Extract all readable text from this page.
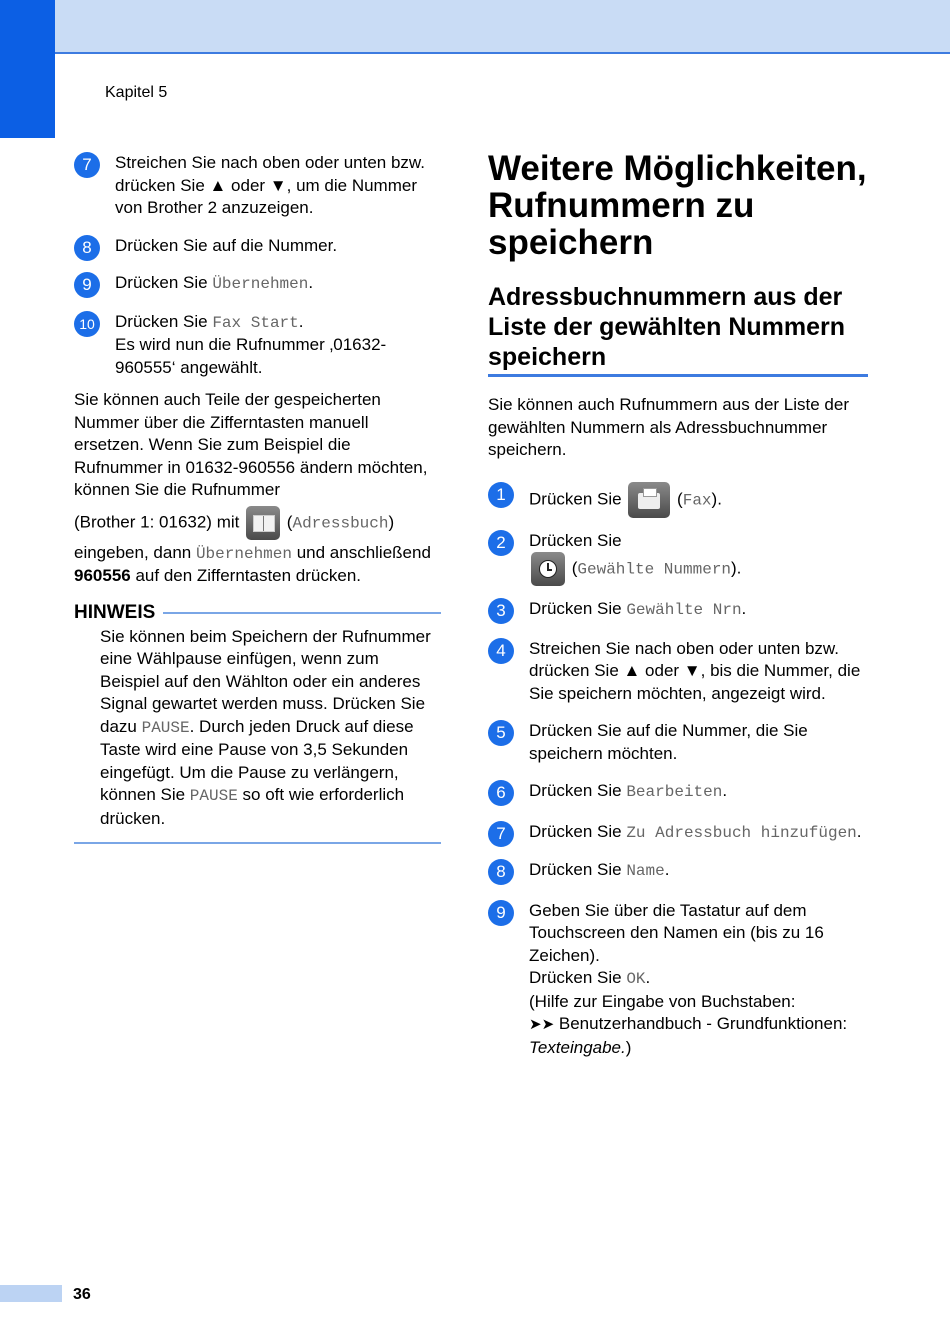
Kapitel 5
7	Streichen Sie nach oben oder unten bzw. drücken Sie ▲ oder ▼, um die Nummer von Brother 2 anzuzeigen.
8	Drücken Sie auf die Nummer.
9	Drücken Sie Übernehmen.
10	Drücken Sie Fax Start.
Es wird nun die Rufnummer ‚01632-960555‘ angewählt.
Sie können auch Teile der gespeicherten Nummer über die Zifferntasten manuell ersetzen. Wenn Sie zum Beispiel die Rufnummer in 01632-960556 ändern möchten, können Sie die Rufnummer
(Brother 1: 01632) mit
(Adressbuch)
eingeben, dann Übernehmen und anschließend 960556 auf den Zifferntasten drücken.
HINWEIS
Sie können beim Speichern der Rufnummer eine Wählpause einfügen, wenn zum Beispiel auf den Wählton oder ein anderes Signal gewartet werden muss. Drücken Sie dazu PAUSE. Durch jeden Druck auf diese Taste wird eine Pause von 3,5 Sekunden eingefügt. Um die Pause zu verlängern, können Sie PAUSE so oft wie erforderlich drücken.
Weitere Möglichkeiten, Rufnummern zu speichern
Adressbuchnummern aus der Liste der gewählten Nummern speichern
Sie können auch Rufnummern aus der Liste der gewählten Nummern als Adressbuchnummer speichern.
1	Drücken Sie	(Fax).
2	Drücken Sie

(Gewählte Nummern).
3	Drücken Sie Gewählte Nrn.
4	Streichen Sie nach oben oder unten bzw. drücken Sie ▲ oder ▼, bis die Nummer, die Sie speichern möchten, angezeigt wird.
5	Drücken Sie auf die Nummer, die Sie speichern möchten.
6	Drücken Sie Bearbeiten.
7	Drücken Sie Zu Adressbuch hinzufügen.
8	Drücken Sie Name.
9	Geben Sie über die Tastatur auf dem Touchscreen den Namen ein (bis zu 16 Zeichen).
Drücken Sie OK.
(Hilfe zur Eingabe von Buchstaben:
➤➤ Benutzerhandbuch - Grundfunktionen: Texteingabe.)
36
